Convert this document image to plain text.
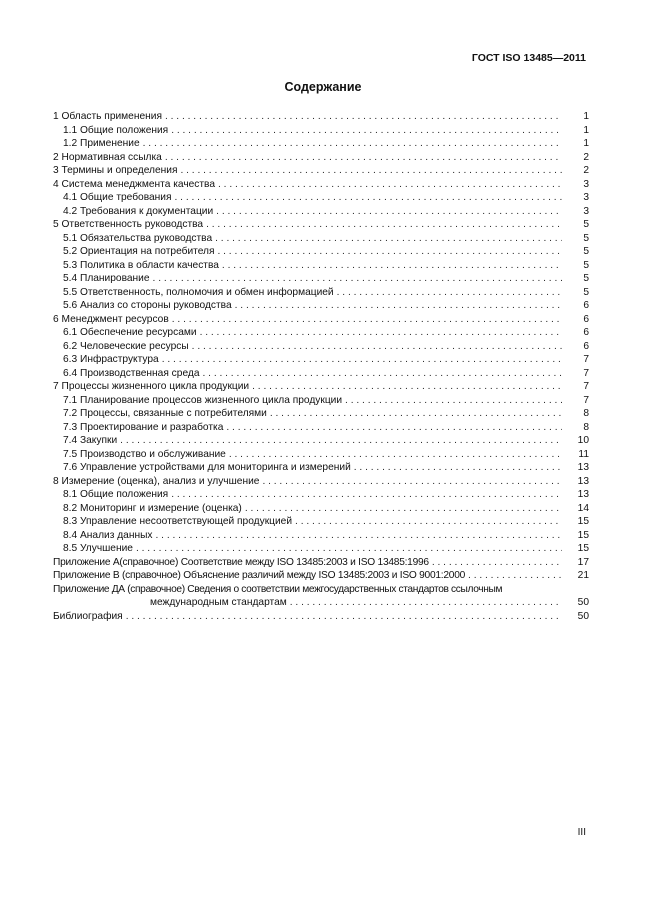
ГОСТ ISO 13485—2011
Содержание
1 Область применения . . .	1
1.1 Общие положения . . .	1
1.2 Применение . . .	1
2 Нормативная ссылка . . .	2
3 Термины и определения . . .	2
4 Система менеджмента качества . . .	3
4.1 Общие требования . . .	3
4.2 Требования к документации . . .	3
5 Ответственность руководства . . .	5
5.1 Обязательства руководства . . .	5
5.2 Ориентация на потребителя . . .	5
5.3 Политика в области качества . . .	5
5.4 Планирование . . .	5
5.5 Ответственность, полномочия и обмен информацией . . .	5
5.6 Анализ со стороны руководства . . .	6
6 Менеджмент ресурсов . . .	6
6.1 Обеспечение ресурсами . . .	6
6.2 Человеческие ресурсы . . .	6
6.3 Инфраструктура . . .	7
6.4 Производственная среда . . .	7
7 Процессы жизненного цикла продукции . . .	7
7.1 Планирование процессов жизненного цикла продукции . . .	7
7.2 Процессы, связанные с потребителями . . .	8
7.3 Проектирование и разработка . . .	8
7.4 Закупки . . .	10
7.5 Производство и обслуживание . . .	11
7.6 Управление устройствами для мониторинга и измерений . . .	13
8 Измерение (оценка), анализ и улучшение . . .	13
8.1 Общие положения . . .	13
8.2 Мониторинг и измерение (оценка) . . .	14
8.3 Управление несоответствующей продукцией . . .	15
8.4 Анализ данных . . .	15
8.5 Улучшение . . .	15
Приложение А(справочное) Соответствие между ISO 13485:2003 и ISO 13485:1996 . . .	17
Приложение В (справочное) Объяснение различий между ISO 13485:2003 и ISO 9001:2000 . . .	21
Приложение ДА (справочное) Сведения о соответствии межгосударственных стандартов ссылочным
международным стандартам . . .	50
Библиография . . .	50
III
